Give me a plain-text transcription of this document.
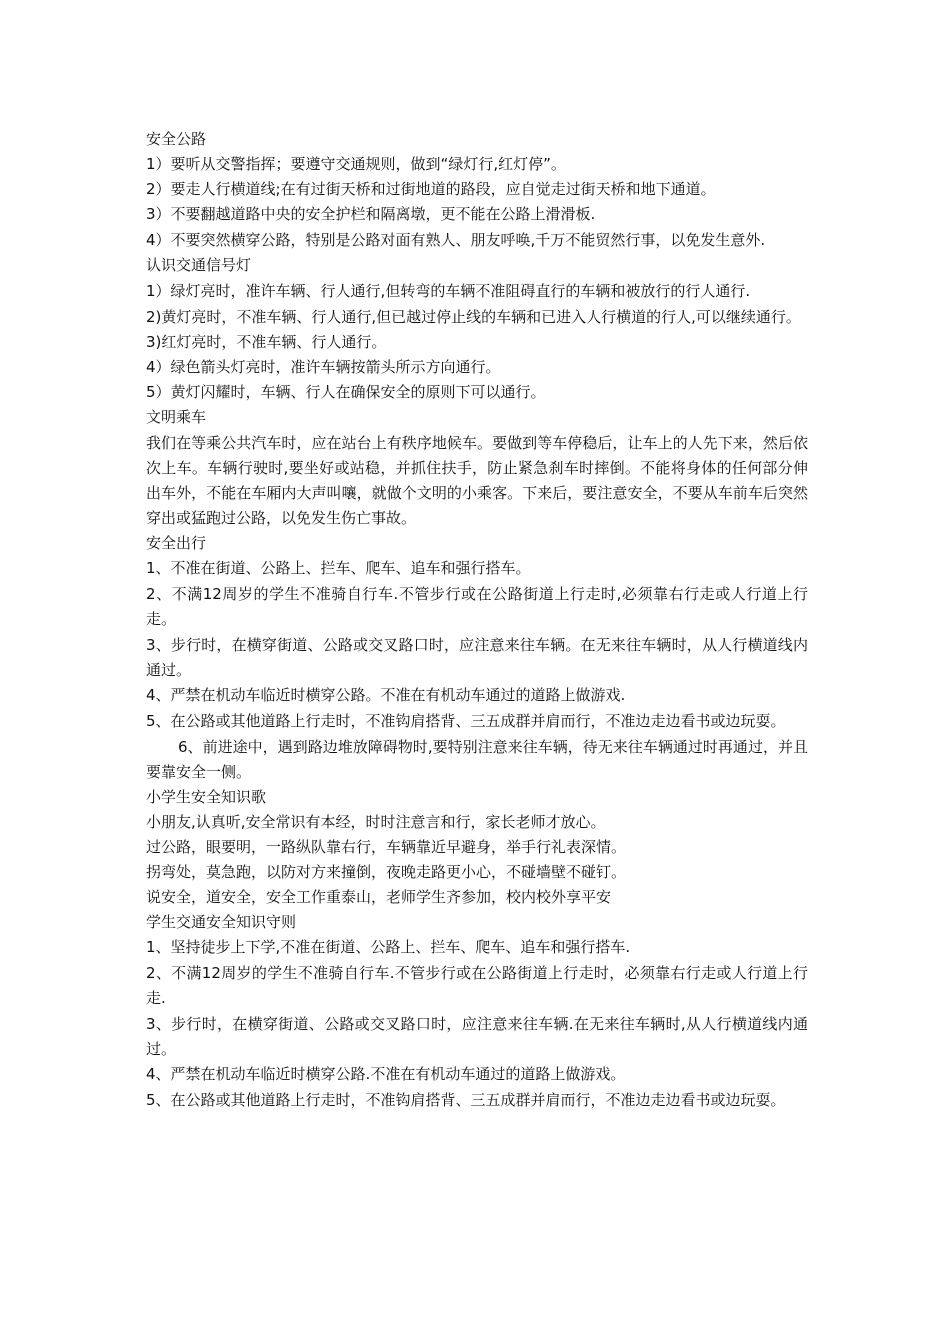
安全公路
1）要听从交警指挥；要遵守交通规则，做到“绿灯行,红灯停”。
2）要走人行横道线;在有过街天桥和过街地道的路段，应自觉走过街天桥和地下通道。
3）不要翻越道路中央的安全护栏和隔离墩，更不能在公路上滑滑板.
4）不要突然横穿公路，特别是公路对面有熟人、朋友呼唤,千万不能贸然行事，以免发生意外.
认识交通信号灯
1）绿灯亮时，准许车辆、行人通行,但转弯的车辆不准阻碍直行的车辆和被放行的行人通行.
2)黄灯亮时，不准车辆、行人通行,但已越过停止线的车辆和已进入人行横道的行人,可以继续通行。
3)红灯亮时，不准车辆、行人通行。
4）绿色箭头灯亮时，准许车辆按箭头所示方向通行。
5）黄灯闪耀时，车辆、行人在确保安全的原则下可以通行。
文明乘车
我们在等乘公共汽车时，应在站台上有秩序地候车。要做到等车停稳后，让车上的人先下来，然后依次上车。车辆行驶时,要坐好或站稳，并抓住扶手，防止紧急刹车时摔倒。不能将身体的任何部分伸出车外，不能在车厢内大声叫嚷，就做个文明的小乘客。下来后，要注意安全，不要从车前车后突然穿出或猛跑过公路，以免发生伤亡事故。
安全出行
1、不准在街道、公路上、拦车、爬车、追车和强行搭车。
2、不满12周岁的学生不准骑自行车.不管步行或在公路街道上行走时,必须靠右行走或人行道上行走。
3、步行时，在横穿街道、公路或交叉路口时，应注意来往车辆。在无来往车辆时，从人行横道线内通过。
4、严禁在机动车临近时横穿公路。不准在有机动车通过的道路上做游戏.
5、在公路或其他道路上行走时，不准钩肩搭背、三五成群并肩而行，不准边走边看书或边玩耍。
6、前进途中，遇到路边堆放障碍物时,要特别注意来往车辆，待无来往车辆通过时再通过，并且要靠安全一侧。
小学生安全知识歌
小朋友,认真听,安全常识有本经，时时注意言和行，家长老师才放心。
过公路，眼要明，一路纵队靠右行，车辆靠近早避身，举手行礼表深情。
拐弯处，莫急跑，以防对方来撞倒，夜晚走路更小心，不碰墙壁不碰钉。
说安全，道安全，安全工作重泰山，老师学生齐参加，校内校外享平安
学生交通安全知识守则
1、坚持徒步上下学,不准在街道、公路上、拦车、爬车、追车和强行搭车.
2、不满12周岁的学生不准骑自行车.不管步行或在公路街道上行走时，必须靠右行走或人行道上行走.
3、步行时，在横穿街道、公路或交叉路口时，应注意来往车辆.在无来往车辆时,从人行横道线内通过。
4、严禁在机动车临近时横穿公路.不准在有机动车通过的道路上做游戏。
5、在公路或其他道路上行走时，不准钩肩搭背、三五成群并肩而行，不准边走边看书或边玩耍。
